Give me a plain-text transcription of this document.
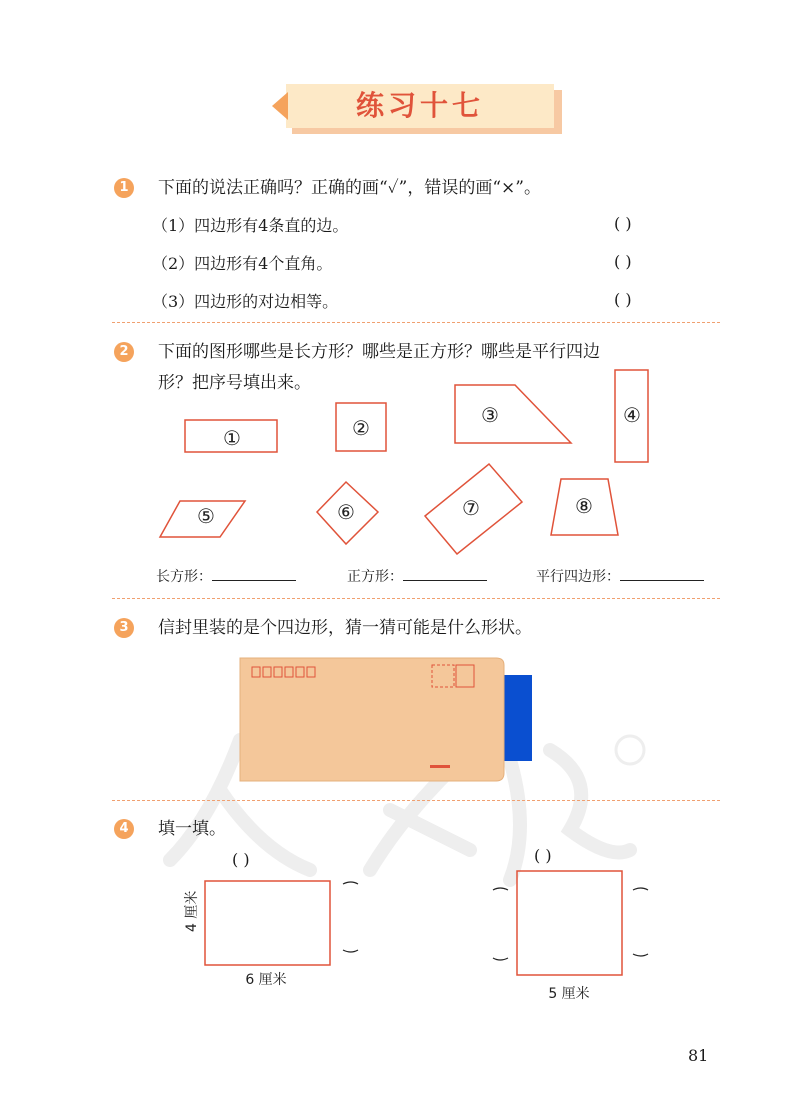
练习十七
1	下面的说法正确吗？正确的画“✓”，错误的画“×”。
（1）四边形有4条直的边。	( )
（2）四边形有4个直角。	( )
（3）四边形的对边相等。	( )
2	下面的图形哪些是长方形？哪些是正方形？哪些是平行四边
形？把序号填出来。
①	②
③	④
⑤	⑥	⑦	⑧
长方形：	正方形：	平行四边形：
3	信封里装的是个四边形，猜一猜可能是什么形状。
4	填一填。
( )
4 厘米
6 厘米
( )
5 厘米
81
